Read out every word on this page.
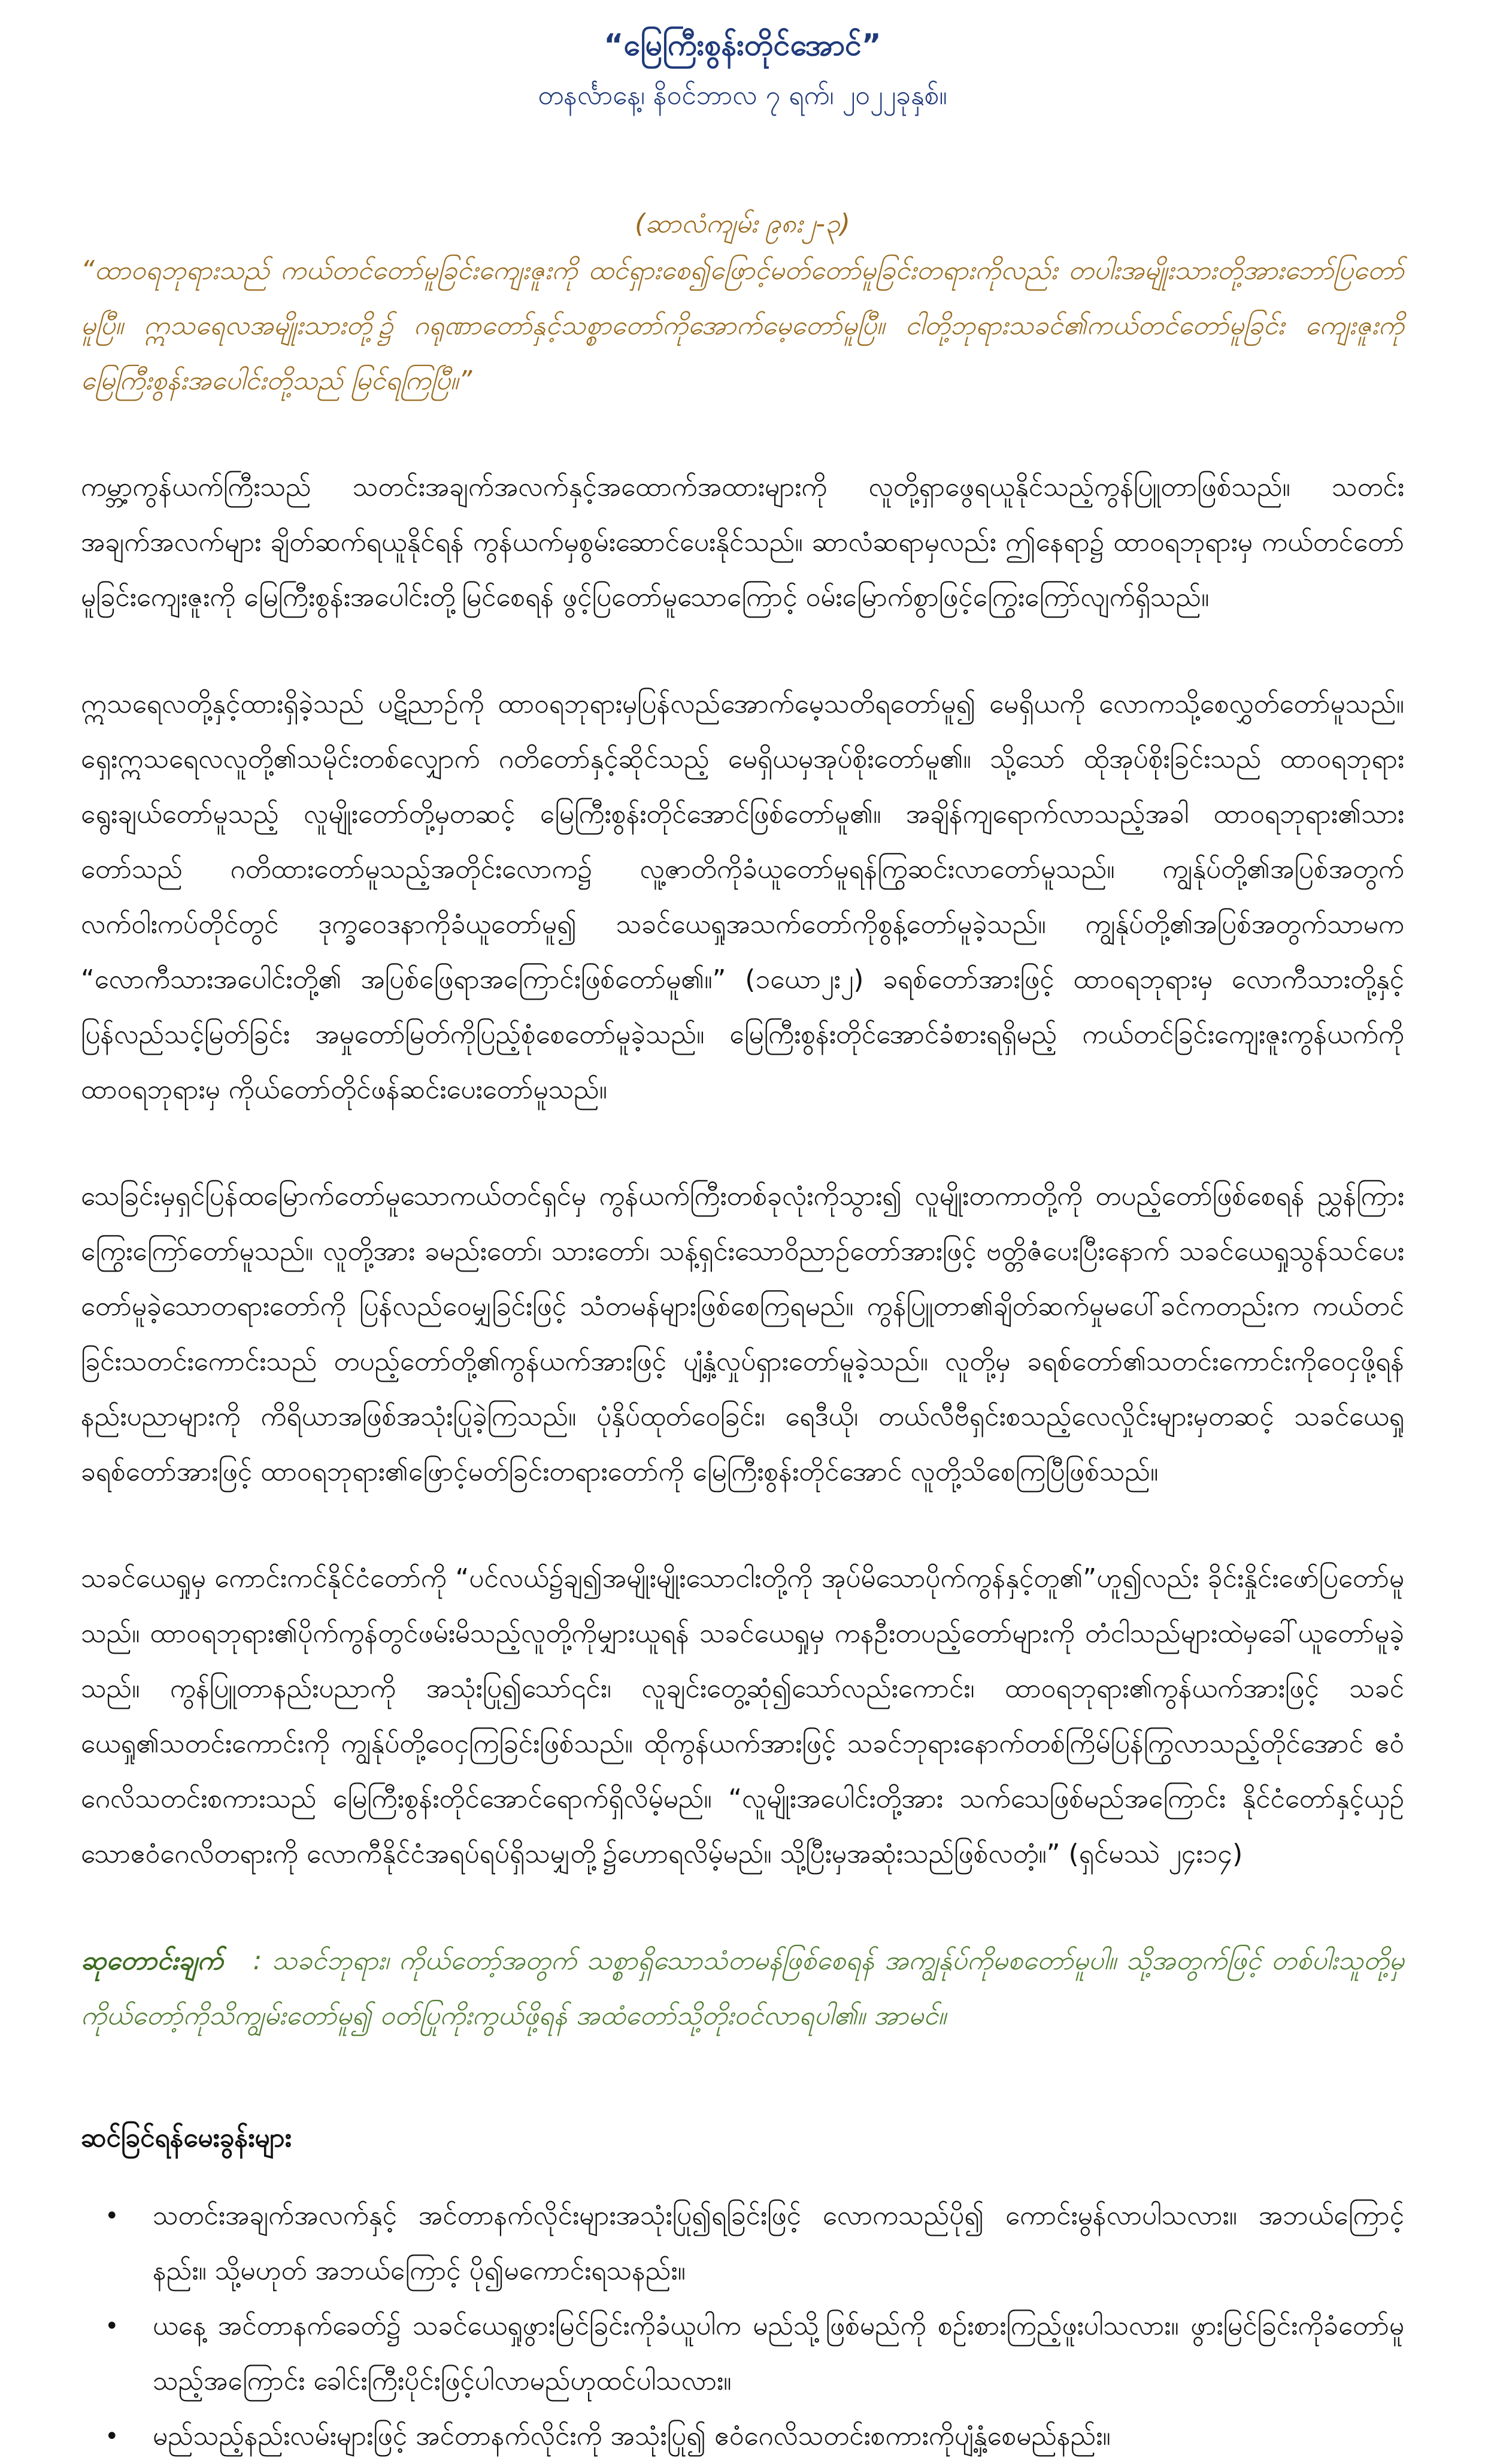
“မြေကြီးစွန်းတိုင်အောင်”

တနင်္လာနေ့၊ နိဝင်ဘာလ ၇ ရက်၊ ၂၀၂၂ခုနှစ်။

(ဆာလံကျမ်း ၉၈း၂-၃)

“ထာဝရဘုရားသည် ကယ်တင်တော်မူခြင်းကျေးဇူးကို ထင်ရှားစေ၍ဖြောင့်မတ်တော်မူခြင်းတရားကိုလည်း တပါးအမျိုးသားတို့အားဘော်ပြတော်မူပြီ။ ဣသရေလအမျိုးသားတို့၌ ဂရုဏာတော်နှင့်သစ္စာတော်ကိုအောက်မေ့တော်မူပြီ။ ငါတို့ဘုရားသခင်၏ကယ်တင်တော်မူခြင်း ကျေးဇူးကိုမြေကြီးစွန်းအပေါင်းတို့သည် မြင်ရကြပြီ။”

ကမ္ဘာ့ကွန်ယက်ကြီးသည် သတင်းအချက်အလက်နှင့်အထောက်အထားများကို လူတို့ရှာဖွေရယူနိုင်သည့်ကွန်ပြူတာဖြစ်သည်။ သတင်းအချက်အလက်များ ချိတ်ဆက်ရယူနိုင်ရန် ကွန်ယက်မှစွမ်းဆောင်ပေးနိုင်သည်။ ဆာလံဆရာမှလည်း ဤနေရာ၌ ထာဝရဘုရားမှ ကယ်တင်တော်မူခြင်းကျေးဇူးကို မြေကြီးစွန်းအပေါင်းတို့မြင်စေရန် ဖွင့်ပြတော်မူသောကြောင့် ဝမ်းမြောက်စွာဖြင့်ကြွေးကြော်လျက်ရှိသည်။

ဣသရေလတို့နှင့်ထားရှိခဲ့သည် ပဋိညာဉ်ကို ထာဝရဘုရားမှပြန်လည်အောက်မေ့သတိရတော်မူ၍ မေရှိယကို လောကသို့စေလွှတ်တော်မူသည်။ ရှေးဣသရေလလူတို့၏သမိုင်းတစ်လျှောက် ဂတိတော်နှင့်ဆိုင်သည့် မေရှိယမှအုပ်စိုးတော်မူ၏။ သို့သော် ထိုအုပ်စိုးခြင်းသည် ထာဝရဘုရားရွေးချယ်တော်မူသည့် လူမျိုးတော်တို့မှတဆင့် မြေကြီးစွန်းတိုင်အောင်ဖြစ်တော်မူ၏။ အချိန်ကျရောက်လာသည့်အခါ ထာဝရဘုရား၏သားတော်သည် ဂတိထားတော်မူသည့်အတိုင်းလောက၌ လူ့ဇာတိကိုခံယူတော်မူရန်ကြွဆင်းလာတော်မူသည်။ ကျွန်ုပ်တို့၏အပြစ်အတွက် လက်ဝါးကပ်တိုင်တွင် ဒုက္ခဝေဒနာကိုခံယူတော်မူ၍ သခင်ယေရှုအသက်တော်ကိုစွန့်တော်မူခဲ့သည်။ ကျွန်ုပ်တို့၏အပြစ်အတွက်သာမက “လောကီသားအပေါင်းတို့၏ အပြစ်ဖြေရာအကြောင်းဖြစ်တော်မူ၏။” (၁ယော၂း၂) ခရစ်တော်အားဖြင့် ထာဝရဘုရားမှ လောကီသားတို့နှင့်ပြန်လည်သင့်မြတ်ခြင်း အမှုတော်မြတ်ကိုပြည့်စုံစေတော်မူခဲ့သည်။ မြေကြီးစွန်းတိုင်အောင်ခံစားရရှိမည့် ကယ်တင်ခြင်းကျေးဇူးကွန်ယက်ကို ထာဝရဘုရားမှ ကိုယ်တော်တိုင်ဖန်ဆင်းပေးတော်မူသည်။

သေခြင်းမှရှင်ပြန်ထမြောက်တော်မူသောကယ်တင်ရှင်မှ ကွန်ယက်ကြီးတစ်ခုလုံးကိုသွား၍ လူမျိုးတကာတို့ကို တပည့်တော်ဖြစ်စေရန် ညွှန်ကြားကြွေးကြော်တော်မူသည်။ လူတို့အား ခမည်းတော်၊ သားတော်၊ သန့်ရှင်းသောဝိညာဉ်တော်အားဖြင့် ဗတ္တိဇံပေးပြီးနောက် သခင်ယေရှုသွန်သင်ပေးတော်မူခဲ့သောတရားတော်ကို ပြန်လည်ဝေမျှခြင်းဖြင့် သံတမန်များဖြစ်စေကြရမည်။ ကွန်ပြူတာ၏ချိတ်ဆက်မှုမပေါ်ခင်ကတည်းက ကယ်တင်ခြင်းသတင်းကောင်းသည် တပည့်တော်တို့၏ကွန်ယက်အားဖြင့် ပျံ့နှံ့လှုပ်ရှားတော်မူခဲ့သည်။ လူတို့မှ ခရစ်တော်၏သတင်းကောင်းကိုဝေငှဖို့ရန် နည်းပညာများကို ကိရိယာအဖြစ်အသုံးပြုခဲ့ကြသည်။ ပုံနှိပ်ထုတ်ဝေခြင်း၊ ရေဒီယို၊ တယ်လီဗီရှင်းစသည့်လေလှိုင်းများမှတဆင့် သခင်ယေရှုခရစ်တော်အားဖြင့် ထာဝရဘုရား၏ဖြောင့်မတ်ခြင်းတရားတော်ကို မြေကြီးစွန်းတိုင်အောင် လူတို့သိစေကြပြီဖြစ်သည်။

သခင်ယေရှုမှ ကောင်းကင်နိုင်ငံတော်ကို “ပင်လယ်၌ချ၍အမျိုးမျိုးသောငါးတို့ကို အုပ်မိသောပိုက်ကွန်နှင့်တူ၏”ဟူ၍လည်း ခိုင်းနှိုင်းဖော်ပြတော်မူသည်။ ထာဝရဘုရား၏ပိုက်ကွန်တွင်ဖမ်းမိသည့်လူတို့ကိုမျှားယူရန် သခင်ယေရှုမှ ကနဦးတပည့်တော်များကို တံငါသည်များထဲမှခေါ်ယူတော်မူခဲ့သည်။ ကွန်ပြူတာနည်းပညာကို အသုံးပြု၍သော်၎င်း၊ လူချင်းတွေ့ဆုံ၍သော်လည်းကောင်း၊ ထာဝရဘုရား၏ကွန်ယက်အားဖြင့် သခင်ယေရှု၏သတင်းကောင်းကို ကျွန်ုပ်တို့ဝေငှကြခြင်းဖြစ်သည်။ ထိုကွန်ယက်အားဖြင့် သခင်ဘုရားနောက်တစ်ကြိမ်ပြန်ကြွလာသည့်တိုင်အောင် ဧဝံဂေလိသတင်းစကားသည် မြေကြီးစွန်းတိုင်အောင်ရောက်ရှိလိမ့်မည်။ “လူမျိုးအပေါင်းတို့အား သက်သေဖြစ်မည်အကြောင်း နိုင်ငံတော်နှင့်ယှဉ်သောဧဝံဂေလိတရားကို လောကီနိုင်ငံအရပ်ရပ်ရှိသမျှတို့၌ဟောရလိမ့်မည်။ သို့ပြီးမှအဆုံးသည်ဖြစ်လတံ့။” (ရှင်မဿဲ ၂၄း၁၄)

ဆုတောင်းချက် : သခင်ဘုရား၊ ကိုယ်တော့်အတွက် သစ္စာရှိသောသံတမန်ဖြစ်စေရန် အကျွန်ုပ်ကိုမစတော်မူပါ။ သို့အတွက်ဖြင့် တစ်ပါးသူတို့မှ ကိုယ်တော့်ကိုသိကျွမ်းတော်မူ၍ ဝတ်ပြုကိုးကွယ်ဖို့ရန် အထံတော်သို့တိုးဝင်လာရပါ၏။ အာမင်။

ဆင်ခြင်ရန်မေးခွန်းများ

• သတင်းအချက်အလက်နှင့် အင်တာနက်လိုင်းများအသုံးပြု၍ရခြင်းဖြင့် လောကသည်ပို၍ ကောင်းမွန်လာပါသလား။ အဘယ်ကြောင့်နည်း။ သို့မဟုတ် အဘယ်ကြောင့် ပို၍မကောင်းရသနည်း။
• ယနေ့ အင်တာနက်ခေတ်၌ သခင်ယေရှုဖွားမြင်ခြင်းကိုခံယူပါက မည်သို့ဖြစ်မည်ကို စဉ်းစားကြည့်ဖူးပါသလား။ ဖွားမြင်ခြင်းကိုခံတော်မူသည့်အကြောင်း ခေါင်းကြီးပိုင်းဖြင့်ပါလာမည်ဟုထင်ပါသလား။
• မည်သည့်နည်းလမ်းများဖြင့် အင်တာနက်လိုင်းကို အသုံးပြု၍ ဧဝံဂေလိသတင်းစကားကိုပျံ့နှံ့စေမည်နည်း။
